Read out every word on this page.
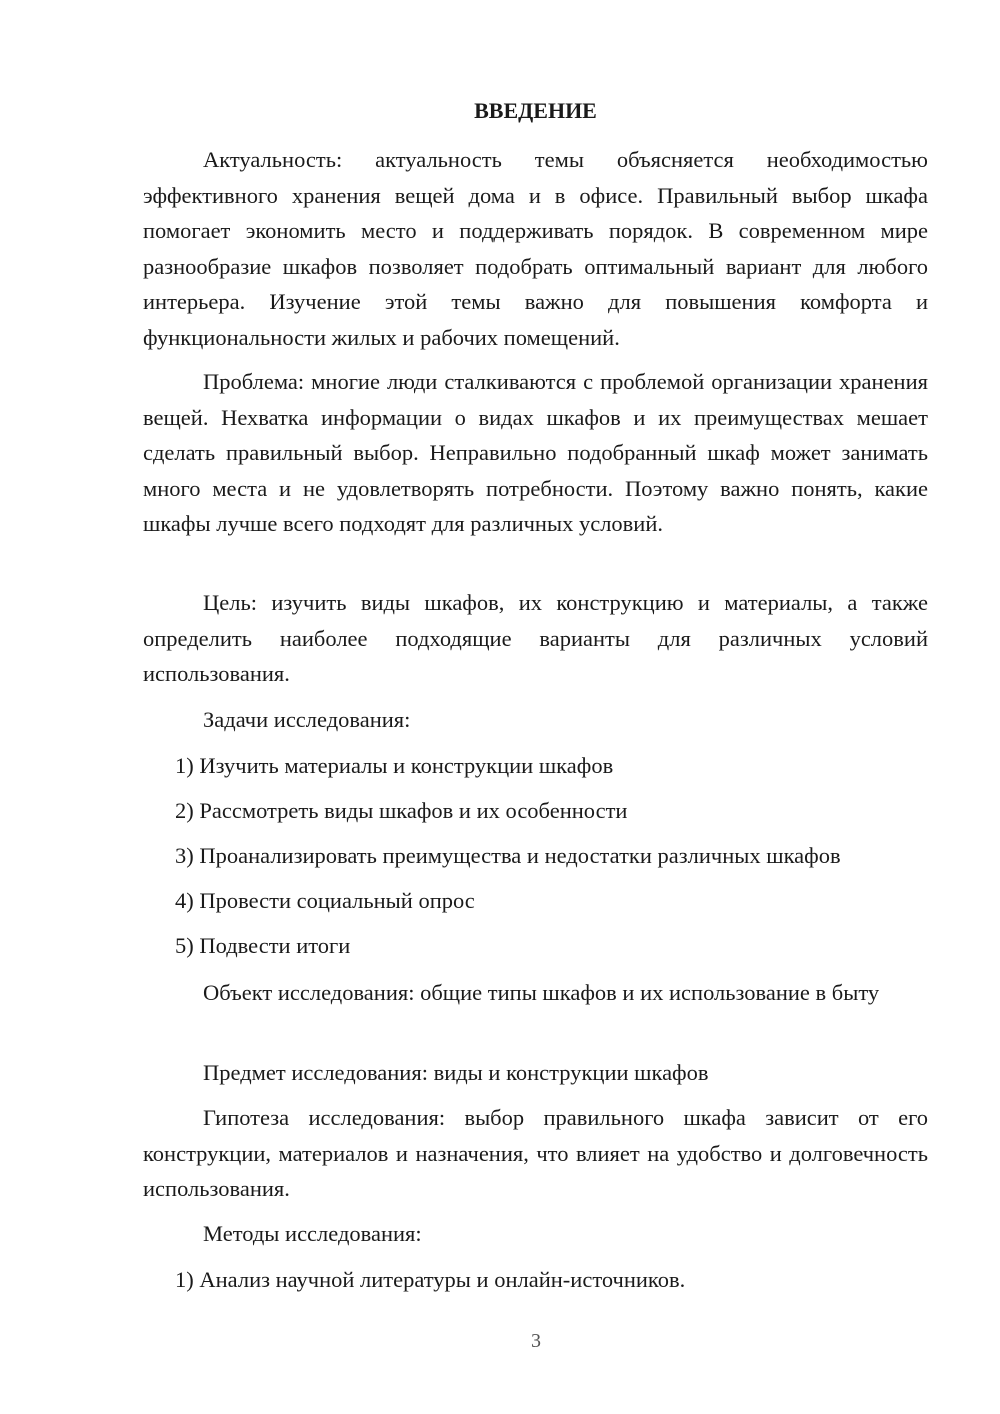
ВВЕДЕНИЕ

Актуальность: актуальность темы объясняется необходимостью эффективного хранения вещей дома и в офисе. Правильный выбор шкафа помогает экономить место и поддерживать порядок. В современном мире разнообразие шкафов позволяет подобрать оптимальный вариант для любого интерьера. Изучение этой темы важно для повышения комфорта и функциональности жилых и рабочих помещений.

Проблема: многие люди сталкиваются с проблемой организации хранения вещей. Нехватка информации о видах шкафов и их преимуществах мешает сделать правильный выбор. Неправильно подобранный шкаф может занимать много места и не удовлетворять потребности. Поэтому важно понять, какие шкафы лучше всего подходят для различных условий.

Цель: изучить виды шкафов, их конструкцию и материалы, а также определить наиболее подходящие варианты для различных условий использования.

Задачи исследования:

1) Изучить материалы и конструкции шкафов

2) Рассмотреть виды шкафов и их особенности

3) Проанализировать преимущества и недостатки различных шкафов

4) Провести социальный опрос

5) Подвести итоги

Объект исследования: общие типы шкафов и их использование в быту

Предмет исследования: виды и конструкции шкафов

Гипотеза исследования: выбор правильного шкафа зависит от его конструкции, материалов и назначения, что влияет на удобство и долговечность использования.

Методы исследования:

1) Анализ научной литературы и онлайн-источников.

3
